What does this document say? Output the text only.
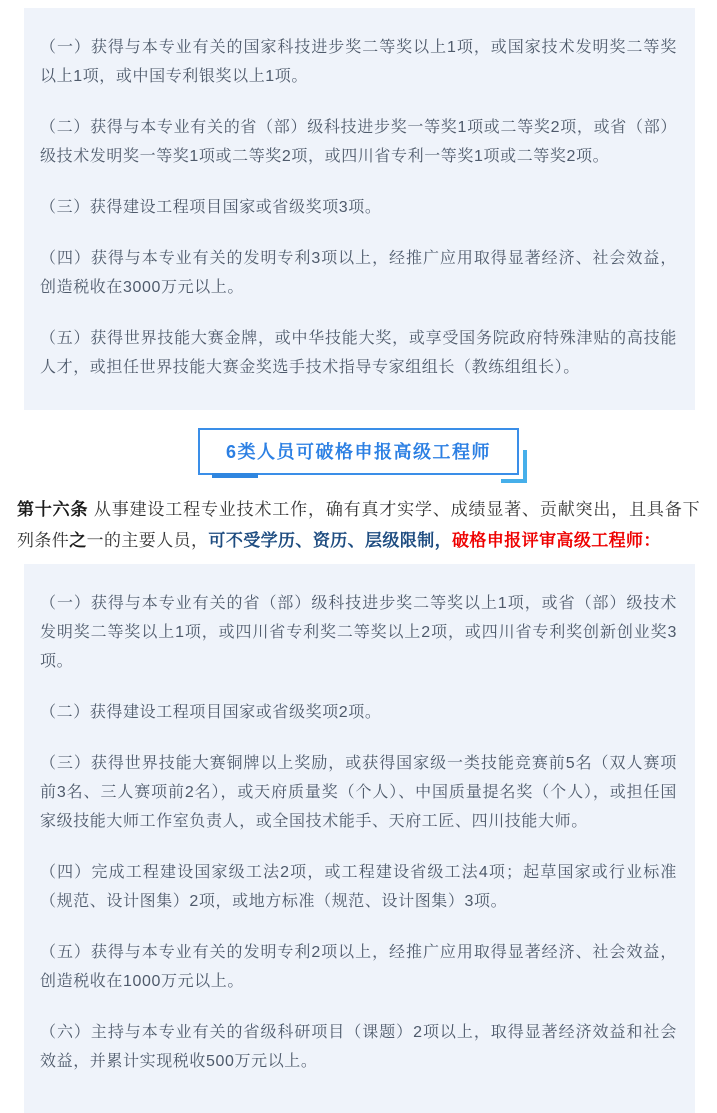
（一）获得与本专业有关的国家科技进步奖二等奖以上1项，或国家技术发明奖二等奖以上1项，或中国专利银奖以上1项。

（二）获得与本专业有关的省（部）级科技进步奖一等奖1项或二等奖2项，或省（部）级技术发明奖一等奖1项或二等奖2项，或四川省专利一等奖1项或二等奖2项。

（三）获得建设工程项目国家或省级奖项3项。

（四）获得与本专业有关的发明专利3项以上，经推广应用取得显著经济、社会效益，创造税收在3000万元以上。

（五）获得世界技能大赛金牌，或中华技能大奖，或享受国务院政府特殊津贴的高技能人才，或担任世界技能大赛金奖选手技术指导专家组组长（教练组组长）。

6类人员可破格申报高级工程师

第十六条 从事建设工程专业技术工作，确有真才实学、成绩显著、贡献突出，且具备下列条件之一的主要人员，可不受学历、资历、层级限制，破格申报评审高级工程师：

（一）获得与本专业有关的省（部）级科技进步奖二等奖以上1项，或省（部）级技术发明奖二等奖以上1项，或四川省专利奖二等奖以上2项，或四川省专利奖创新创业奖3项。

（二）获得建设工程项目国家或省级奖项2项。

（三）获得世界技能大赛铜牌以上奖励，或获得国家级一类技能竞赛前5名（双人赛项前3名、三人赛项前2名），或天府质量奖（个人）、中国质量提名奖（个人），或担任国家级技能大师工作室负责人，或全国技术能手、天府工匠、四川技能大师。

（四）完成工程建设国家级工法2项，或工程建设省级工法4项；起草国家或行业标准（规范、设计图集）2项，或地方标准（规范、设计图集）3项。

（五）获得与本专业有关的发明专利2项以上，经推广应用取得显著经济、社会效益，创造税收在1000万元以上。

（六）主持与本专业有关的省级科研项目（课题）2项以上，取得显著经济效益和社会效益，并累计实现税收500万元以上。
